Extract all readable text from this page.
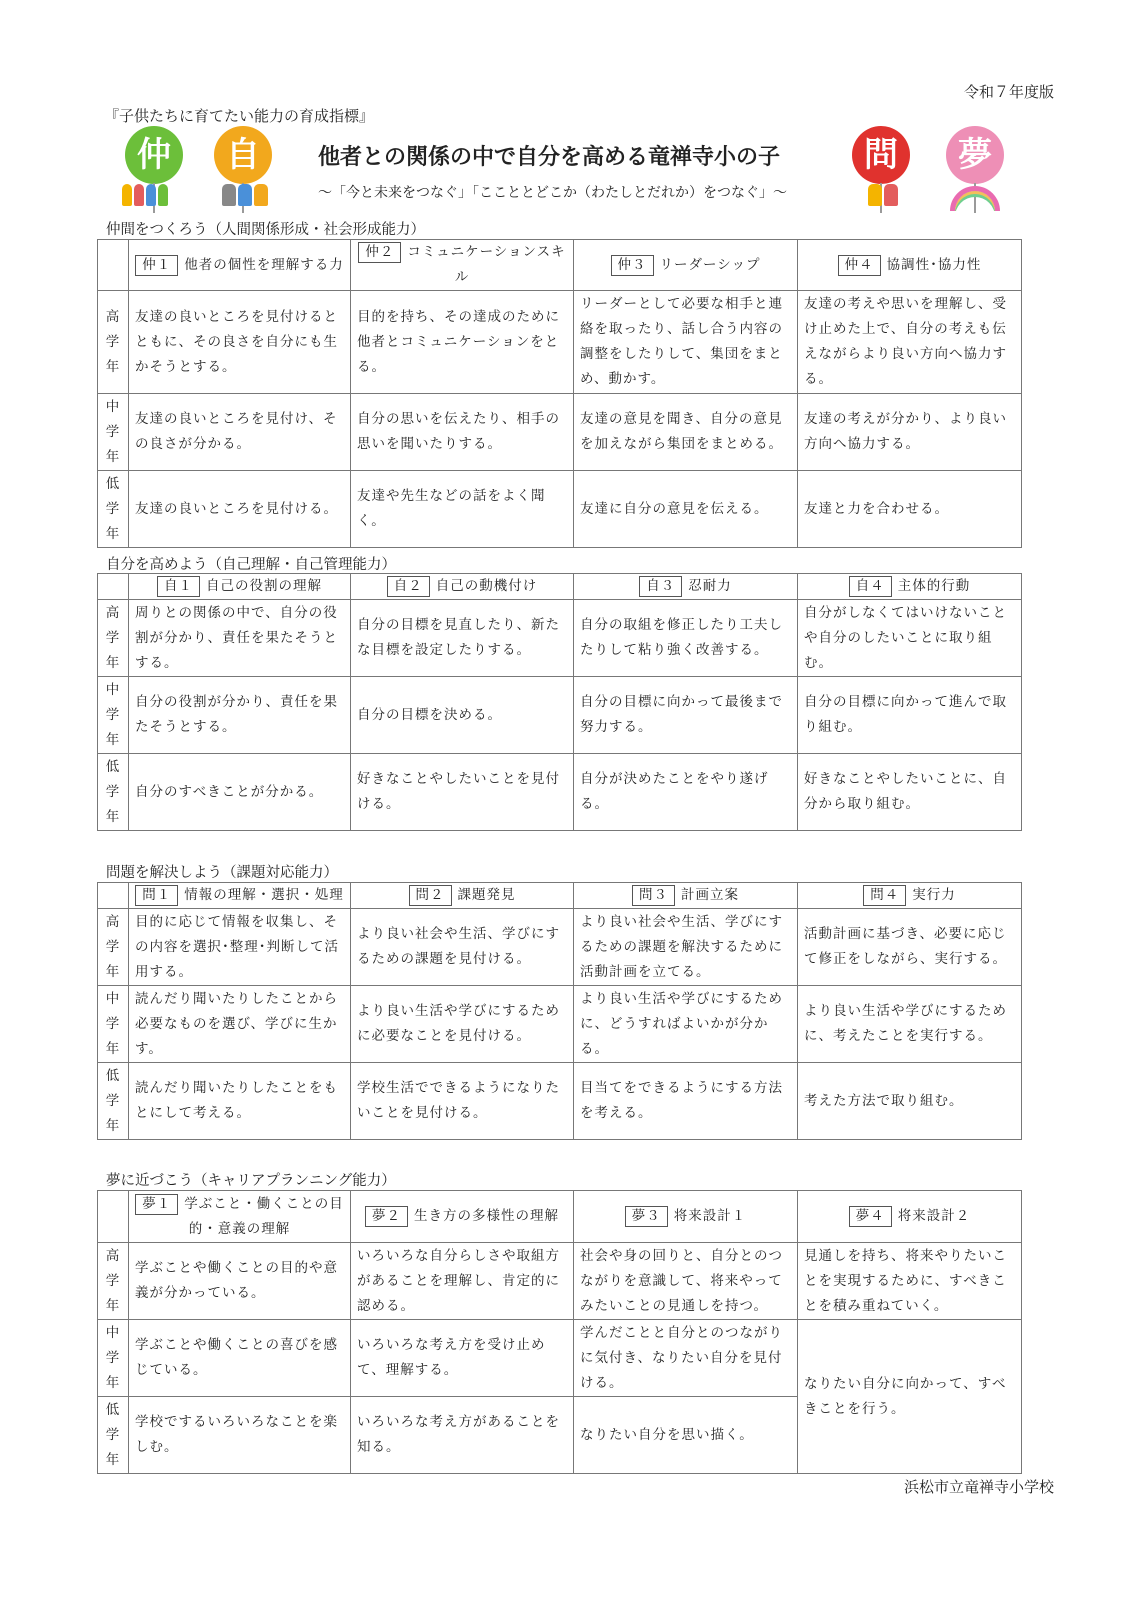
令和７年度版
『子供たちに育てたい能力の育成指標』
仲	自	他者との関係の中で自分を高める竜禅寺小の子
～「今と未来をつなぐ」「ここととどこか（わたしとだれか）をつなぐ」～
問	夢
仲間をつくろう（人間関係形成・社会形成能力）
	仲１ 他者の個性を理解する力	仲２ コミュニケーションスキル	仲３ リーダーシップ	仲４ 協調性･協力性
高
学
年	友達の良いところを見付けるとともに、その良さを自分にも生かそうとする。	目的を持ち、その達成のために他者とコミュニケーションをとる。	リーダーとして必要な相手と連絡を取ったり、話し合う内容の調整をしたりして、集団をまとめ、動かす。	友達の考えや思いを理解し、受け止めた上で、自分の考えも伝えながらより良い方向へ協力する。
中
学
年	友達の良いところを見付け、その良さが分かる。	自分の思いを伝えたり、相手の思いを聞いたりする。	友達の意見を聞き、自分の意見を加えながら集団をまとめる。	友達の考えが分かり、より良い方向へ協力する。
低
学
年	友達の良いところを見付ける。	友達や先生などの話をよく聞く。	友達に自分の意見を伝える。	友達と力を合わせる。
自分を高めよう（自己理解・自己管理能力）
	自１ 自己の役割の理解	自２ 自己の動機付け	自３ 忍耐力	自４ 主体的行動
高
学
年	周りとの関係の中で、自分の役割が分かり、責任を果たそうとする。	自分の目標を見直したり、新たな目標を設定したりする。	自分の取組を修正したり工夫したりして粘り強く改善する。	自分がしなくてはいけないことや自分のしたいことに取り組む。
中
学
年	自分の役割が分かり、責任を果たそうとする。	自分の目標を決める。	自分の目標に向かって最後まで努力する。	自分の目標に向かって進んで取り組む。
低
学
年	自分のすべきことが分かる。	好きなことやしたいことを見付ける。	自分が決めたことをやり遂げる。	好きなことやしたいことに、自分から取り組む。
問題を解決しよう（課題対応能力）
	問１ 情報の理解・選択・処理	問２ 課題発見	問３ 計画立案	問４ 実行力
高
学
年	目的に応じて情報を収集し、その内容を選択･整理･判断して活用する。	より良い社会や生活、学びにするための課題を見付ける。	より良い社会や生活、学びにするための課題を解決するために活動計画を立てる。	活動計画に基づき、必要に応じて修正をしながら、実行する。
中
学
年	読んだり聞いたりしたことから必要なものを選び、学びに生かす。	より良い生活や学びにするために必要なことを見付ける。	より良い生活や学びにするために、どうすればよいかが分かる。	より良い生活や学びにするために、考えたことを実行する。
低
学
年	読んだり聞いたりしたことをもとにして考える。	学校生活でできるようになりたいことを見付ける。	目当てをできるようにする方法を考える。	考えた方法で取り組む。
夢に近づこう（キャリアプランニング能力）
	夢１ 学ぶこと・働くことの目的・意義の理解	夢２ 生き方の多様性の理解	夢３ 将来設計１	夢４ 将来設計２
高
学
年	学ぶことや働くことの目的や意義が分かっている。	いろいろな自分らしさや取組方があることを理解し、肯定的に認める。	社会や身の回りと、自分とのつながりを意識して、将来やってみたいことの見通しを持つ。	見通しを持ち、将来やりたいことを実現するために、すべきことを積み重ねていく。
中
学
年	学ぶことや働くことの喜びを感じている。	いろいろな考え方を受け止めて、理解する。	学んだことと自分とのつながりに気付き、なりたい自分を見付ける。	なりたい自分に向かって、すべきことを行う。
低
学
年	学校でするいろいろなことを楽しむ。	いろいろな考え方があることを知る。	なりたい自分を思い描く。	
浜松市立竜禅寺小学校
